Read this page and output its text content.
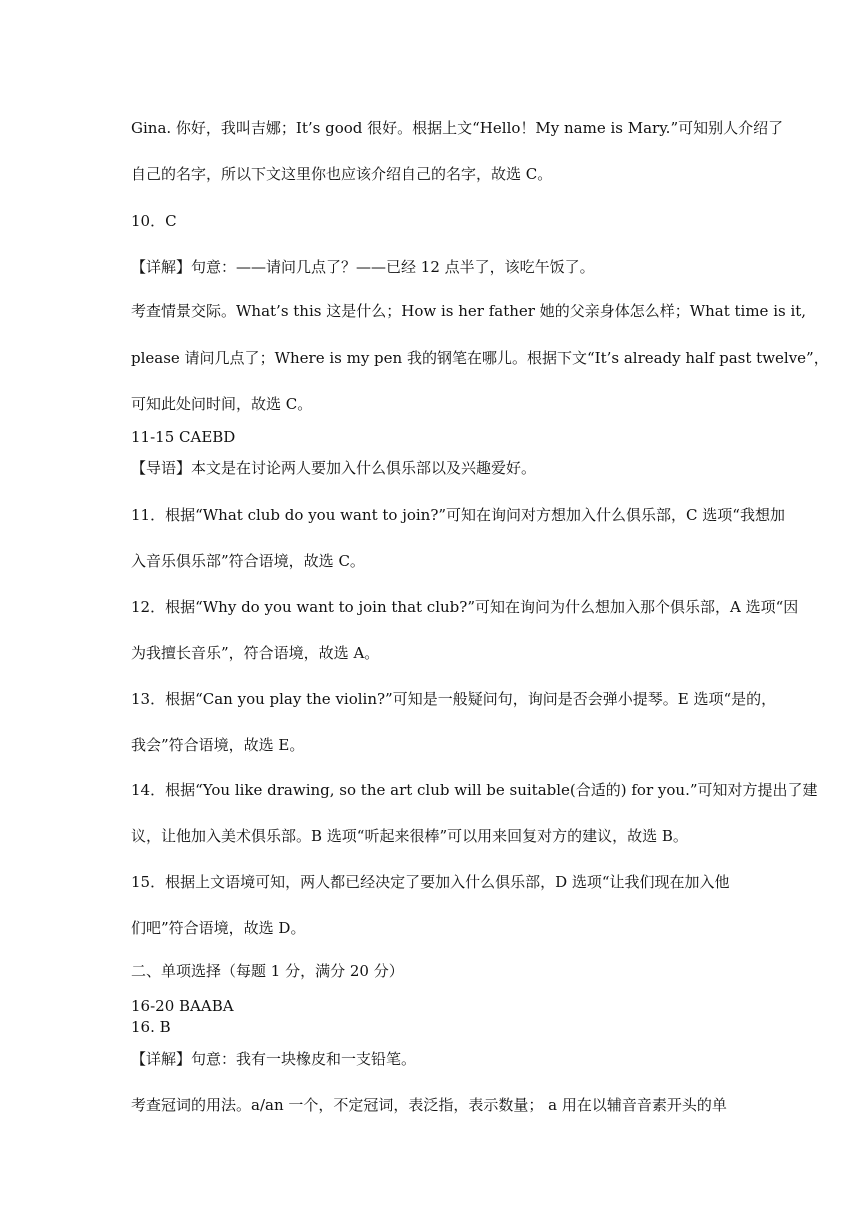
Gina. 你好，我叫吉娜；It’s good 很好。根据上文“Hello！My name is Mary.”可知别人介绍了
自己的名字，所以下文这里你也应该介绍自己的名字，故选 C。
10．C
【详解】句意：——请问几点了？——已经 12 点半了，该吃午饭了。
考查情景交际。What’s this 这是什么；How is her father 她的父亲身体怎么样；What time is it,
please 请问几点了；Where is my pen 我的钢笔在哪儿。根据下文“It’s already half past twelve”，
可知此处问时间，故选 C。
11-15 CAEBD
【导语】本文是在讨论两人要加入什么俱乐部以及兴趣爱好。
11．根据“What club do you want to join?”可知在询问对方想加入什么俱乐部，C 选项“我想加
入音乐俱乐部”符合语境，故选 C。
12．根据“Why do you want to join that club?”可知在询问为什么想加入那个俱乐部，A 选项“因
为我擅长音乐”，符合语境，故选 A。
13．根据“Can you play the violin?”可知是一般疑问句，询问是否会弹小提琴。E 选项“是的，
我会”符合语境，故选 E。
14．根据“You like drawing, so the art club will be suitable(合适的) for you.”可知对方提出了建
议，让他加入美术俱乐部。B 选项“听起来很棒”可以用来回复对方的建议，故选 B。
15．根据上文语境可知，两人都已经决定了要加入什么俱乐部，D 选项“让我们现在加入他
们吧”符合语境，故选 D。
二、单项选择（每题 1 分，满分 20 分）
16-20 BAABA
16. B
【详解】句意：我有一块橡皮和一支铅笔。
考查冠词的用法。a/an 一个，不定冠词，表泛指，表示数量； a 用在以辅音音素开头的单
